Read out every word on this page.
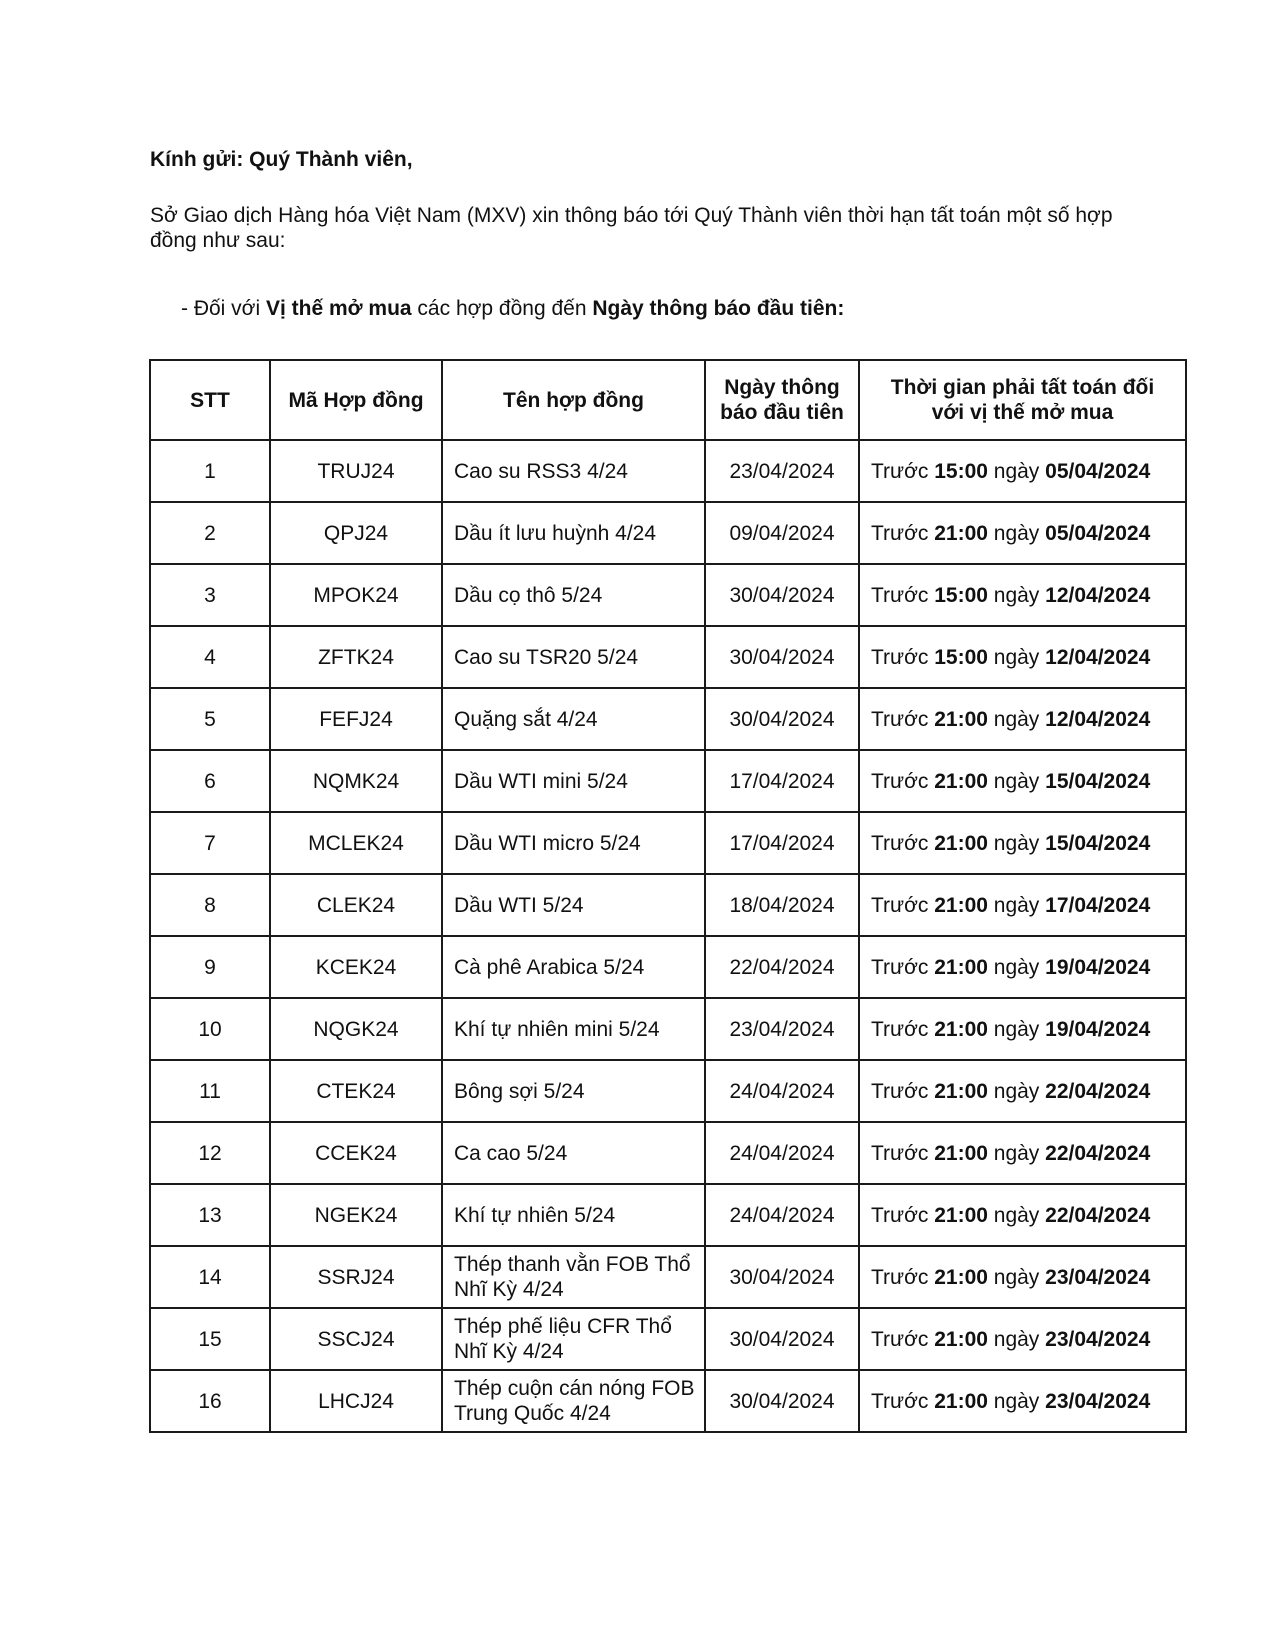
Kính gửi: Quý Thành viên,
Sở Giao dịch Hàng hóa Việt Nam (MXV) xin thông báo tới Quý Thành viên thời hạn tất toán một số hợp đồng như sau:
- Đối với Vị thế mở mua các hợp đồng đến Ngày thông báo đầu tiên:
STT	Mã Hợp đồng	Tên hợp đồng	Ngày thông báo đầu tiên	Thời gian phải tất toán đối với vị thế mở mua
1	TRUJ24	Cao su RSS3 4/24	23/04/2024	Trước 15:00 ngày 05/04/2024
2	QPJ24	Dầu ít lưu huỳnh 4/24	09/04/2024	Trước 21:00 ngày 05/04/2024
3	MPOK24	Dầu cọ thô 5/24	30/04/2024	Trước 15:00 ngày 12/04/2024
4	ZFTK24	Cao su TSR20 5/24	30/04/2024	Trước 15:00 ngày 12/04/2024
5	FEFJ24	Quặng sắt 4/24	30/04/2024	Trước 21:00 ngày 12/04/2024
6	NQMK24	Dầu WTI mini 5/24	17/04/2024	Trước 21:00 ngày 15/04/2024
7	MCLEK24	Dầu WTI micro 5/24	17/04/2024	Trước 21:00 ngày 15/04/2024
8	CLEK24	Dầu WTI 5/24	18/04/2024	Trước 21:00 ngày 17/04/2024
9	KCEK24	Cà phê Arabica 5/24	22/04/2024	Trước 21:00 ngày 19/04/2024
10	NQGK24	Khí tự nhiên mini 5/24	23/04/2024	Trước 21:00 ngày 19/04/2024
11	CTEK24	Bông sợi 5/24	24/04/2024	Trước 21:00 ngày 22/04/2024
12	CCEK24	Ca cao 5/24	24/04/2024	Trước 21:00 ngày 22/04/2024
13	NGEK24	Khí tự nhiên 5/24	24/04/2024	Trước 21:00 ngày 22/04/2024
14	SSRJ24	Thép thanh vằn FOB Thổ Nhĩ Kỳ 4/24	30/04/2024	Trước 21:00 ngày 23/04/2024
15	SSCJ24	Thép phế liệu CFR Thổ Nhĩ Kỳ 4/24	30/04/2024	Trước 21:00 ngày 23/04/2024
16	LHCJ24	Thép cuộn cán nóng FOB Trung Quốc 4/24	30/04/2024	Trước 21:00 ngày 23/04/2024
